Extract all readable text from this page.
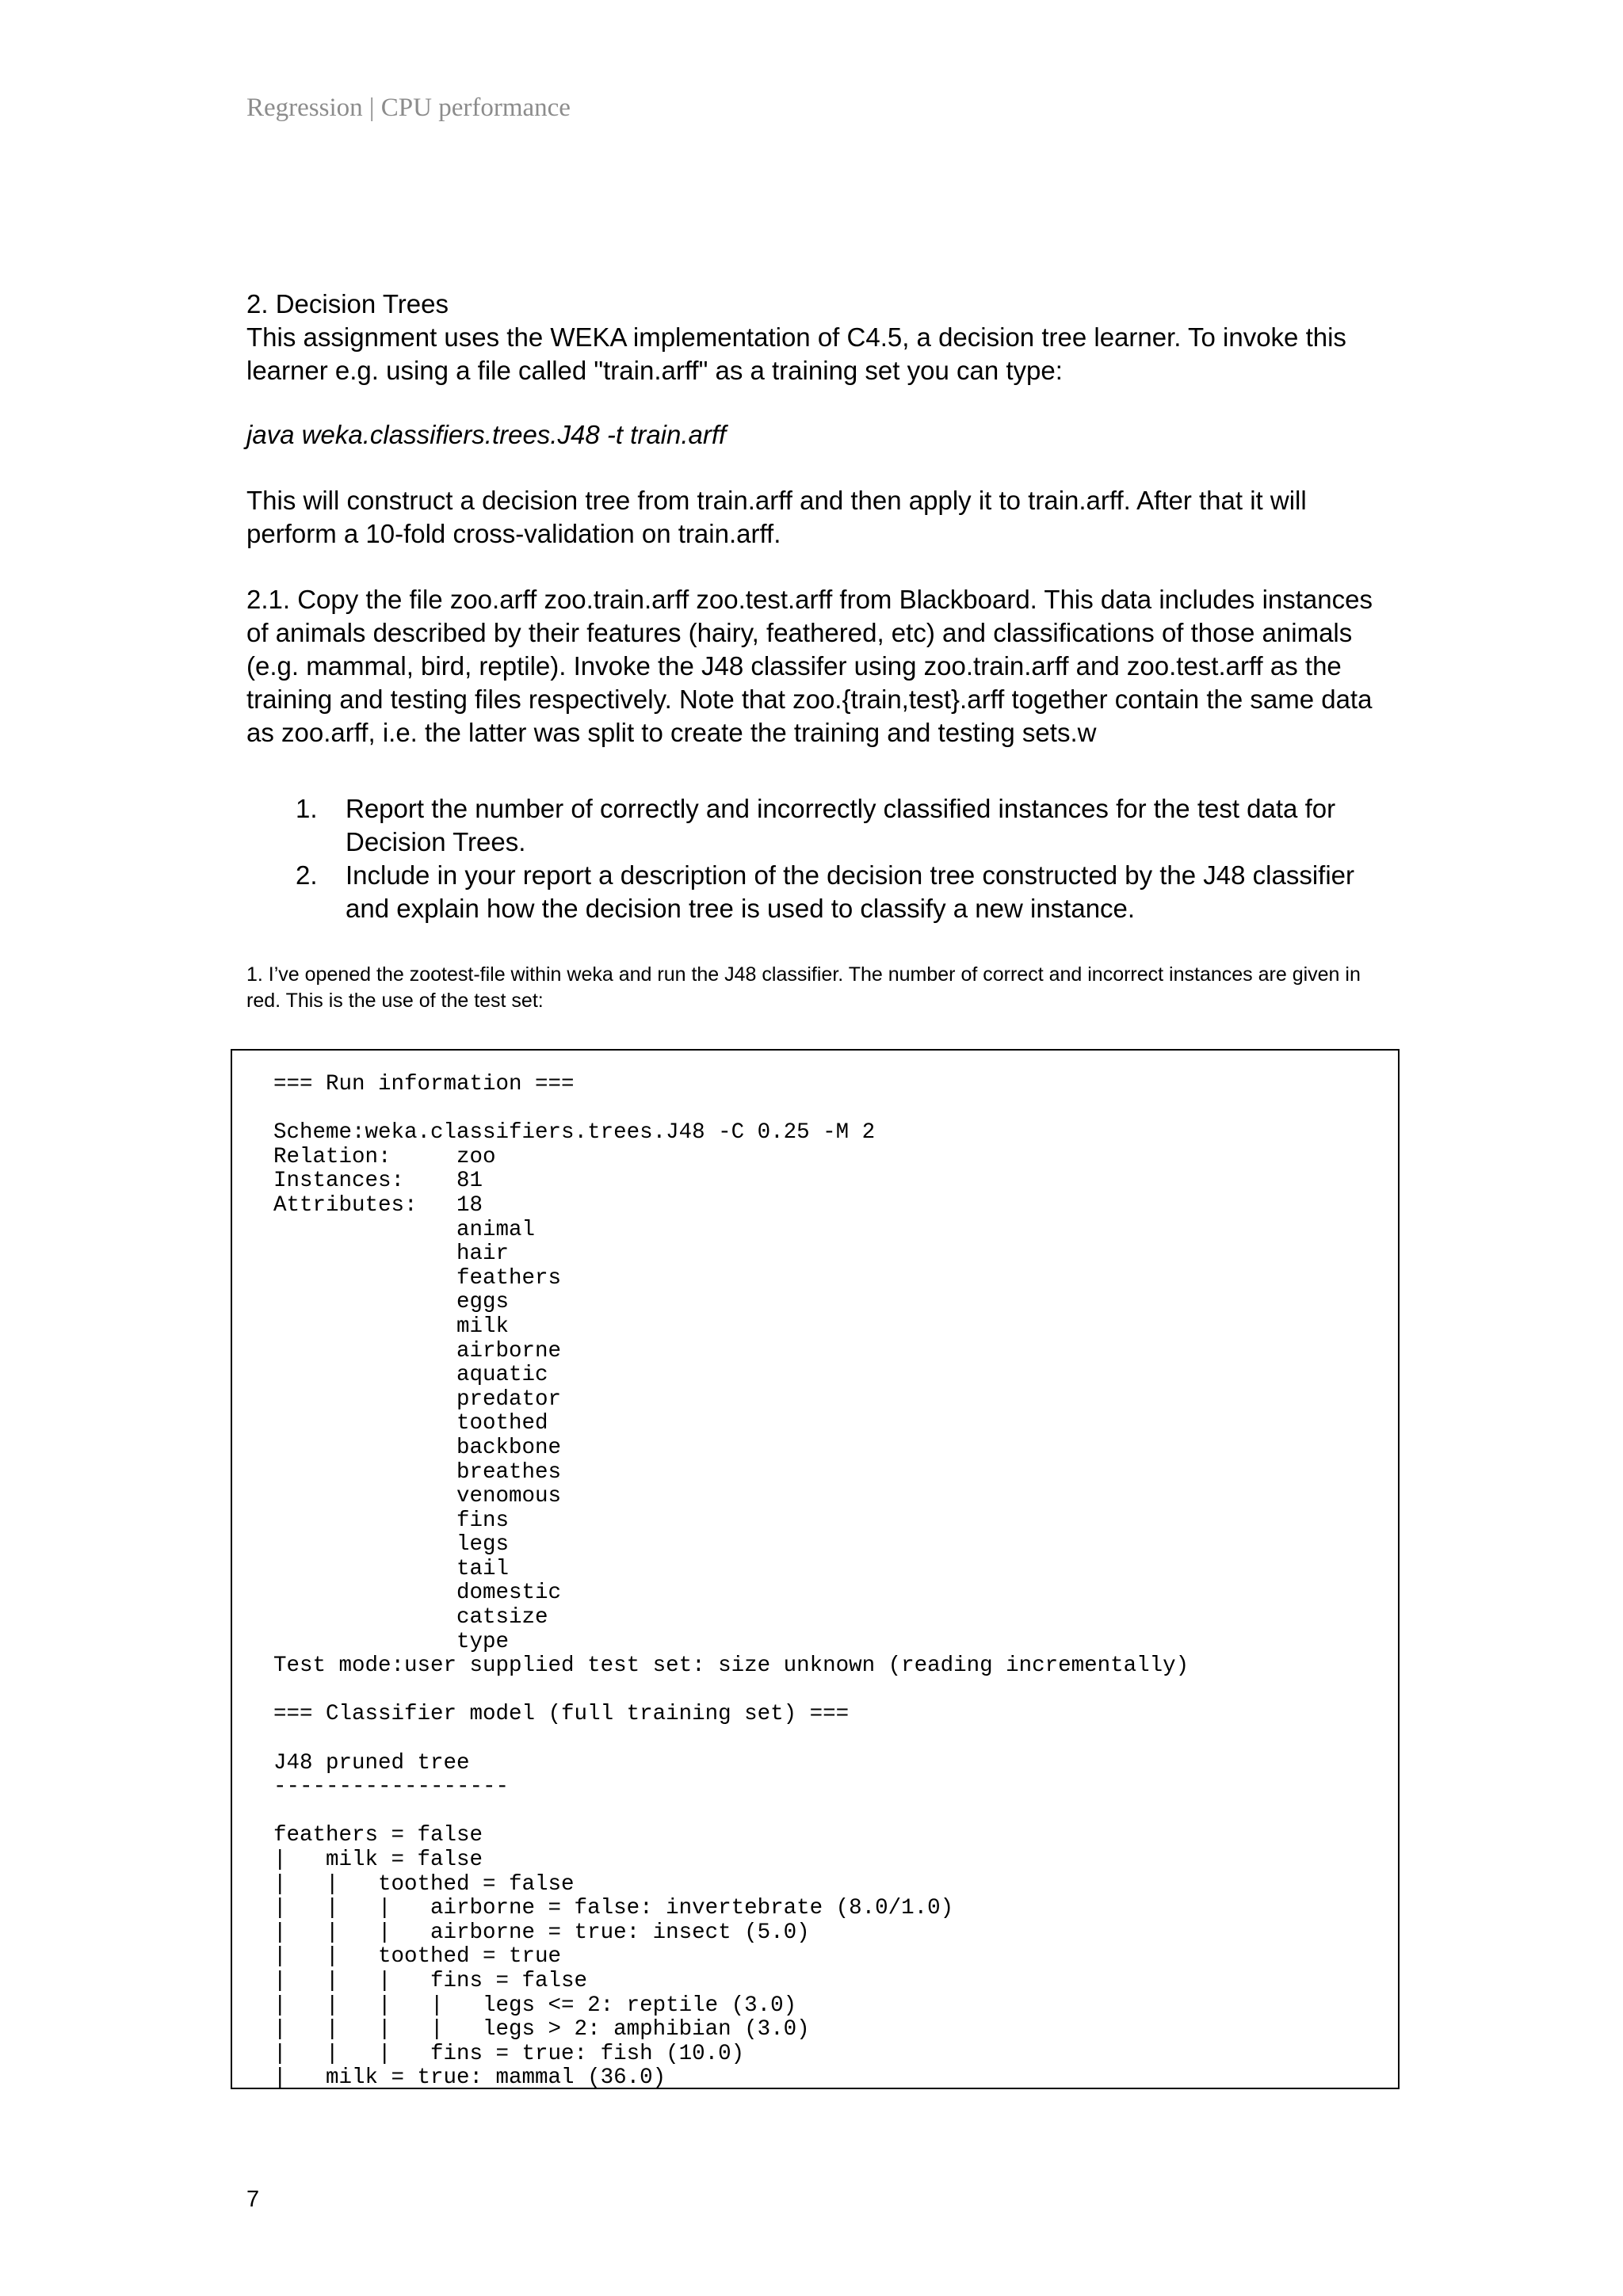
Regression | CPU performance

2. Decision Trees

This assignment uses the WEKA implementation of C4.5, a decision tree learner. To invoke this learner e.g. using a file called "train.arff" as a training set you can type:

java weka.classifiers.trees.J48 -t train.arff

This will construct a decision tree from train.arff and then apply it to train.arff. After that it will perform a 10-fold cross-validation on train.arff.

2.1. Copy the file zoo.arff zoo.train.arff zoo.test.arff from Blackboard. This data includes instances of animals described by their features (hairy, feathered, etc) and classifications of those animals (e.g. mammal, bird, reptile). Invoke the J48 classifer using zoo.train.arff and zoo.test.arff as the training and testing files respectively. Note that zoo.{train,test}.arff together contain the same data as zoo.arff, i.e. the latter was split to create the training and testing sets.w

1. Report the number of correctly and incorrectly classified instances for the test data for Decision Trees.
2. Include in your report a description of the decision tree constructed by the J48 classifier and explain how the decision tree is used to classify a new instance.

1. I’ve opened the zootest-file within weka and run the J48 classifier. The number of correct and incorrect instances are given in red. This is the use of the test set:

=== Run information ===

Scheme:weka.classifiers.trees.J48 -C 0.25 -M 2
Relation:     zoo
Instances:    81
Attributes:   18
animal
hair
feathers
eggs
milk
airborne
aquatic
predator
toothed
backbone
breathes
venomous
fins
legs
tail
domestic
catsize
type
Test mode:user supplied test set: size unknown (reading incrementally)

=== Classifier model (full training set) ===

J48 pruned tree
------------------

feathers = false
|   milk = false
|   |   toothed = false
|   |   |   airborne = false: invertebrate (8.0/1.0)
|   |   |   airborne = true: insect (5.0)
|   |   toothed = true
|   |   |   fins = false
|   |   |   |   legs <= 2: reptile (3.0)
|   |   |   |   legs > 2: amphibian (3.0)
|   |   |   fins = true: fish (10.0)
|   milk = true: mammal (36.0)
7
